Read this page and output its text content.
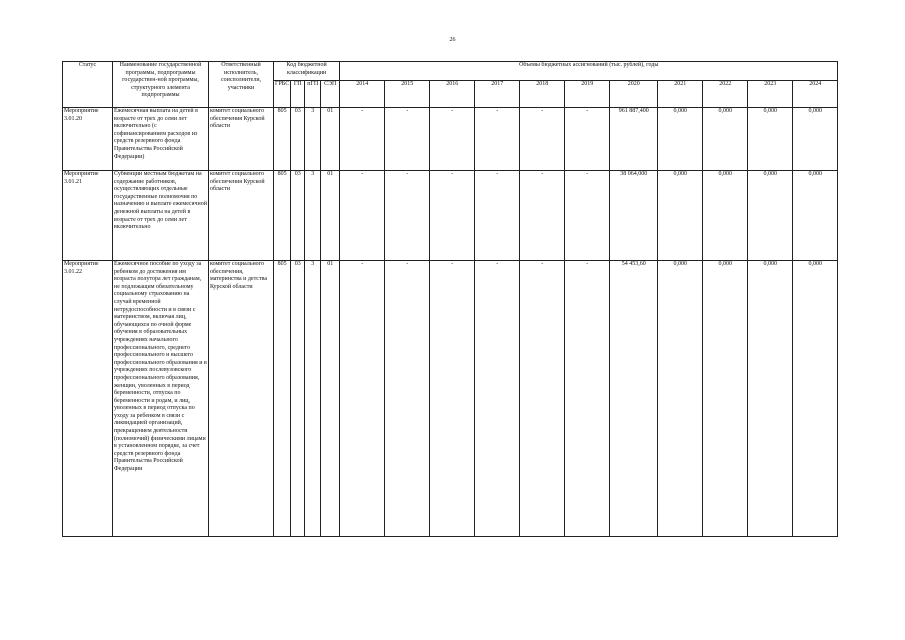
26
Статус	Наименование государственной программы, подпрограммы государствен-ной программы, структурного элемента подпрограммы	Ответственный исполнитель, соисполнители, участники	Код бюджетной классификации				Объемы бюджетных ассигнований (тыс. рублей), годы										
			ГРБС	ГП	пГП	СЭП	2014	2015	2016	2017	2018	2019	2020	2021	2022	2023	2024
Мероприятие 3.01.20	Ежемесячная выплата на детей в возрасте от трех до семи лет включительно (с софинансированием расходов из средств резервного фонда Правительства Российской Федерации)	комитет социального обеспечения Курской области	805	03	3	01	-	-	-	-	-	-	961 887,400	0,000	0,000	0,000	0,000
Мероприятие 3.01.21	Субвенции местным бюджетам на содержание работников, осуществляющих отдельные государственные полномочия по назначению и выплате ежемесячной денежной выплаты на детей в возрасте от трех до семи лет включительно	комитет социального обеспечения Курской области	805	03	3	01	-	-	-	-	-	-	38 064,000	0,000	0,000	0,000	0,000
Мероприятие 3.01.22	Ежемесячное пособие по уходу за ребенком до достижения им возраста полутора лет гражданам, не подлежащим обязательному социальному страхованию на случай временной нетрудоспособности и в связи с материнством, включая лиц, обучающихся по очной форме обучения в образовательных учреждениях начального профессионального, среднего профессионального и высшего профессионального образования и в учреждениях послевузовского профессионального образования, женщин, уволенных в период беременности, отпуска по беременности и родам, и лиц, уволенных в период отпуска по уходу за ребенком в связи с ликвидацией организаций, прекращением деятельности (полномочий) физическими лицами в установленном порядке, за счет средств резервного фонда Правительства Российской Федерации	комитет социального обеспечения, материнства и детства Курской области	805	03	3	01	-	-	-	-	-	-	54 453,60	0,000	0,000	0,000	0,000
